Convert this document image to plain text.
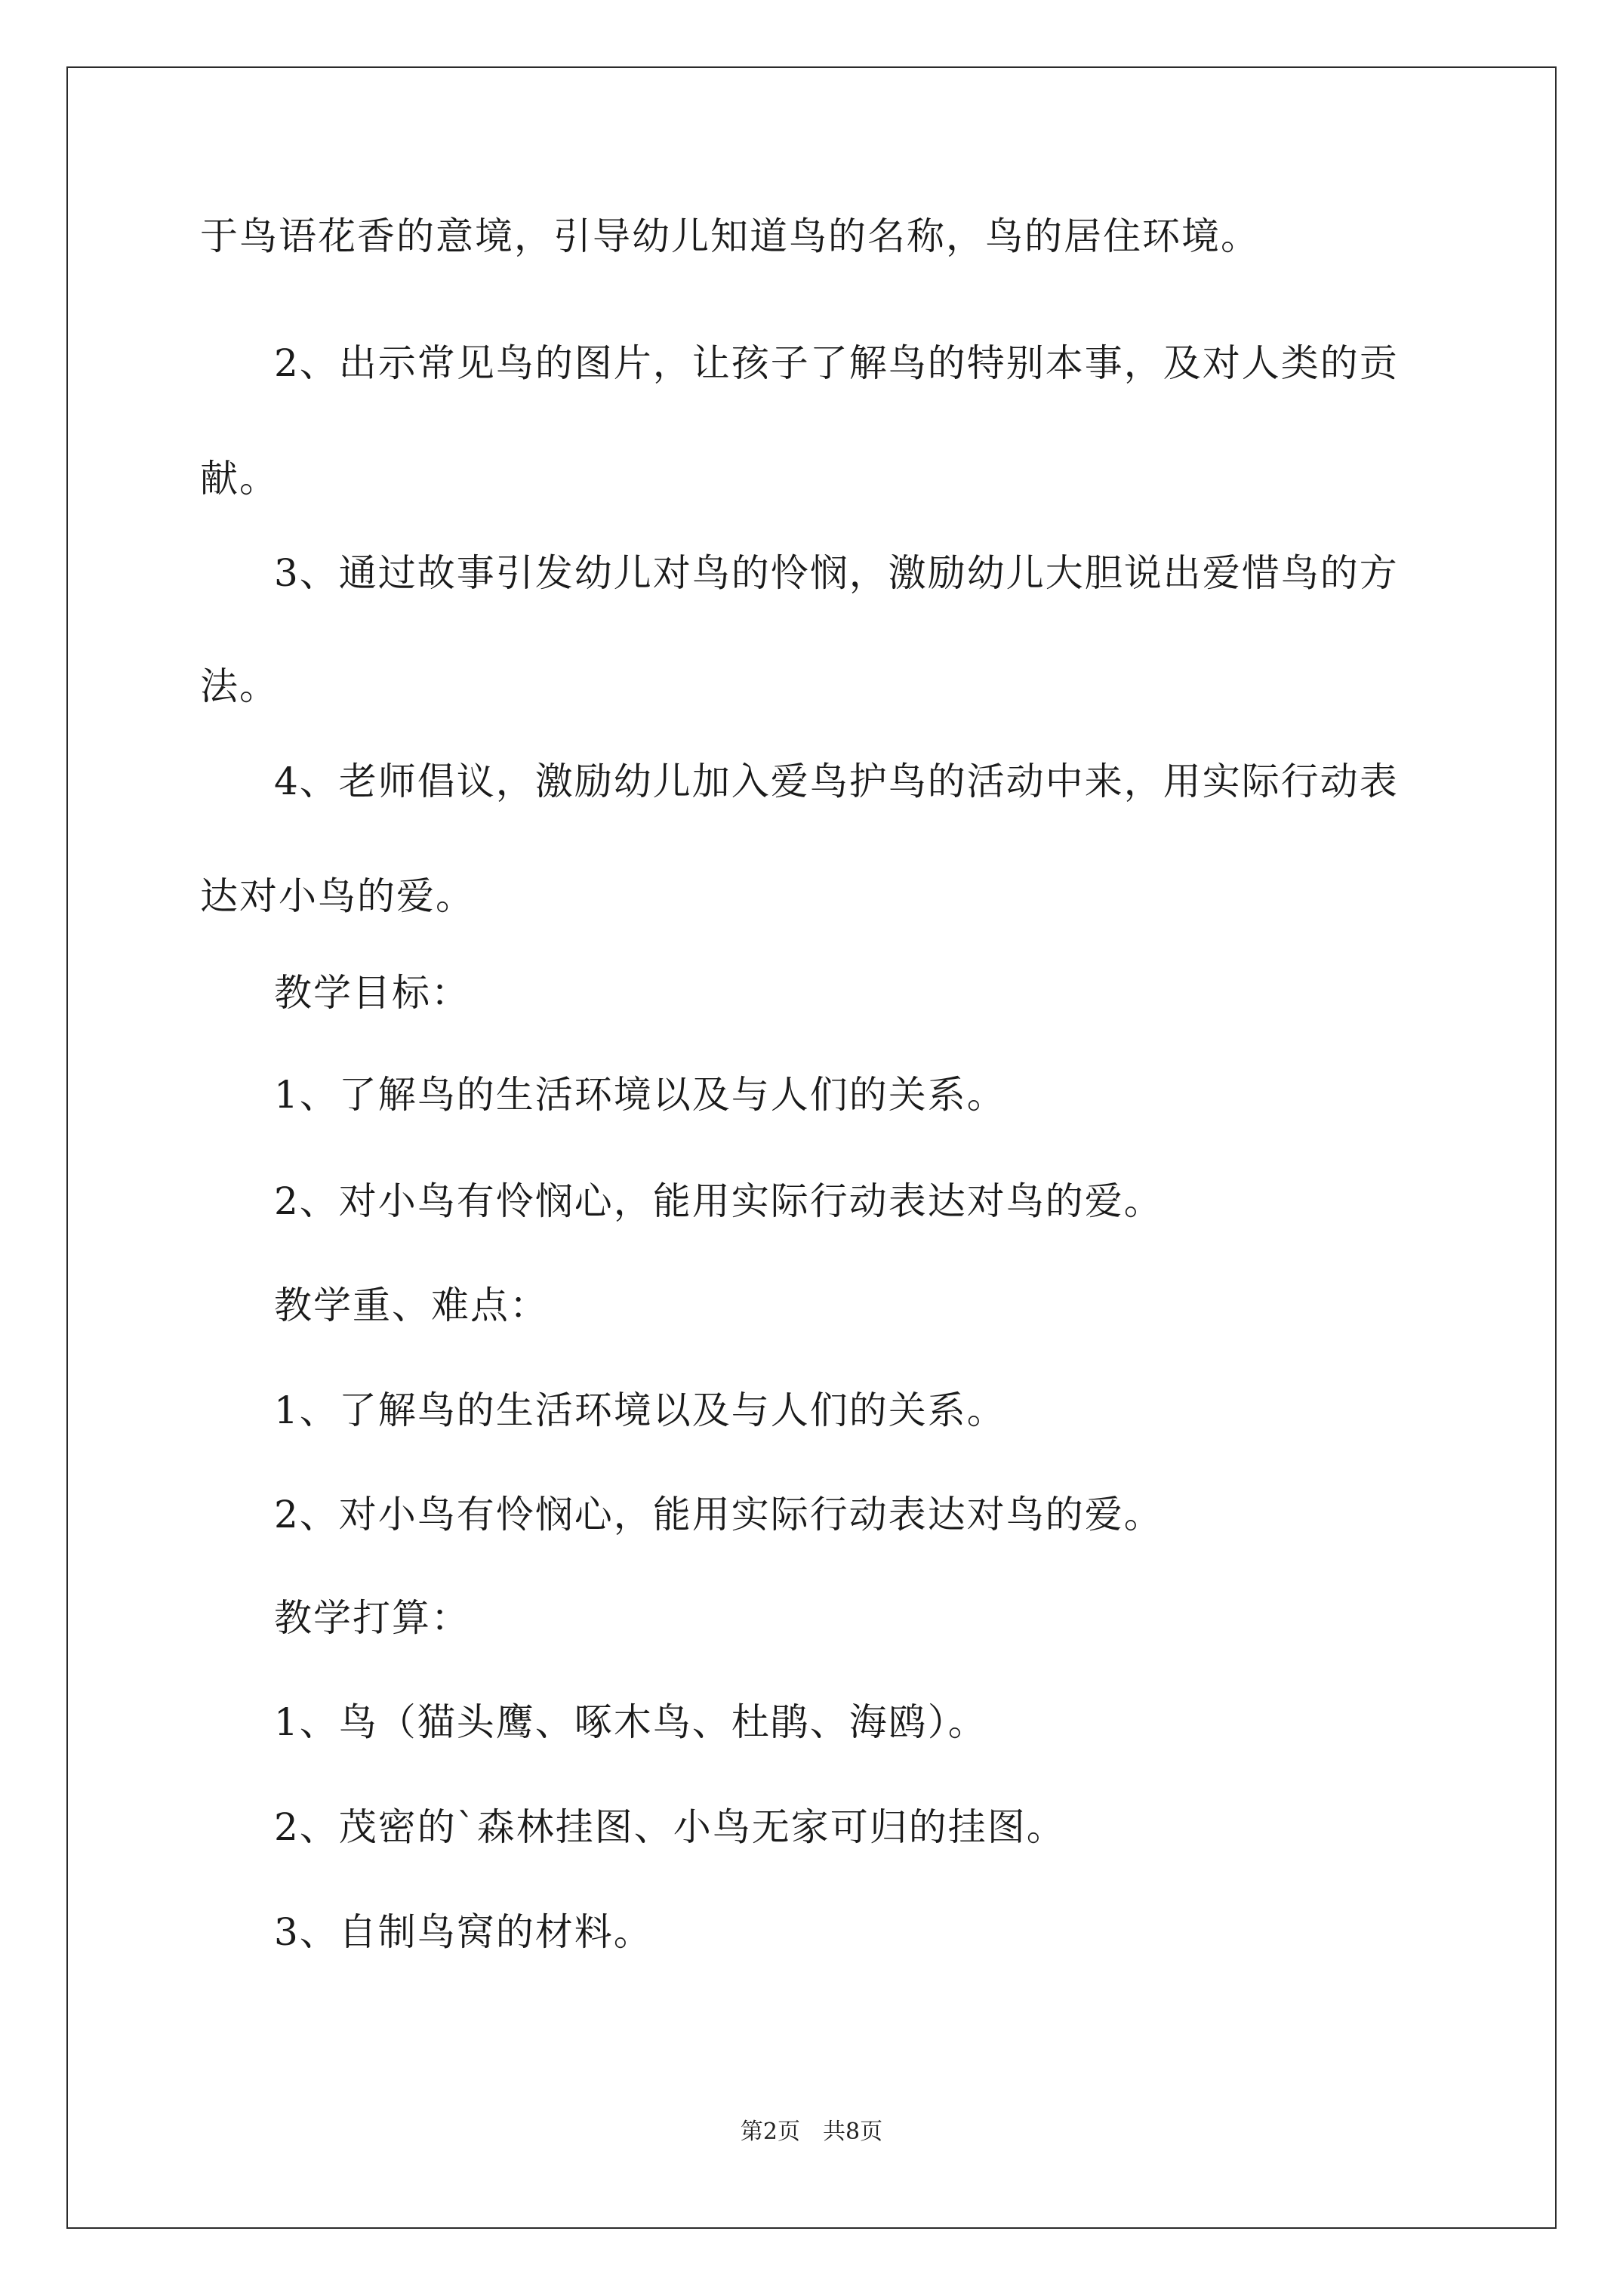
于鸟语花香的意境，引导幼儿知道鸟的名称，鸟的居住环境。
2、出示常见鸟的图片，让孩子了解鸟的特别本事，及对人类的贡
献。
3、通过故事引发幼儿对鸟的怜悯，激励幼儿大胆说出爱惜鸟的方
法。
4、老师倡议，激励幼儿加入爱鸟护鸟的活动中来，用实际行动表
达对小鸟的爱。
教学目标：
1、了解鸟的生活环境以及与人们的关系。
2、对小鸟有怜悯心，能用实际行动表达对鸟的爱。
教学重、难点：
1、了解鸟的生活环境以及与人们的关系。
2、对小鸟有怜悯心，能用实际行动表达对鸟的爱。
教学打算：
1、鸟（猫头鹰、啄木鸟、杜鹃、海鸥）。
2、茂密的`森林挂图、小鸟无家可归的挂图。
3、自制鸟窝的材料。
第2页　共8页
